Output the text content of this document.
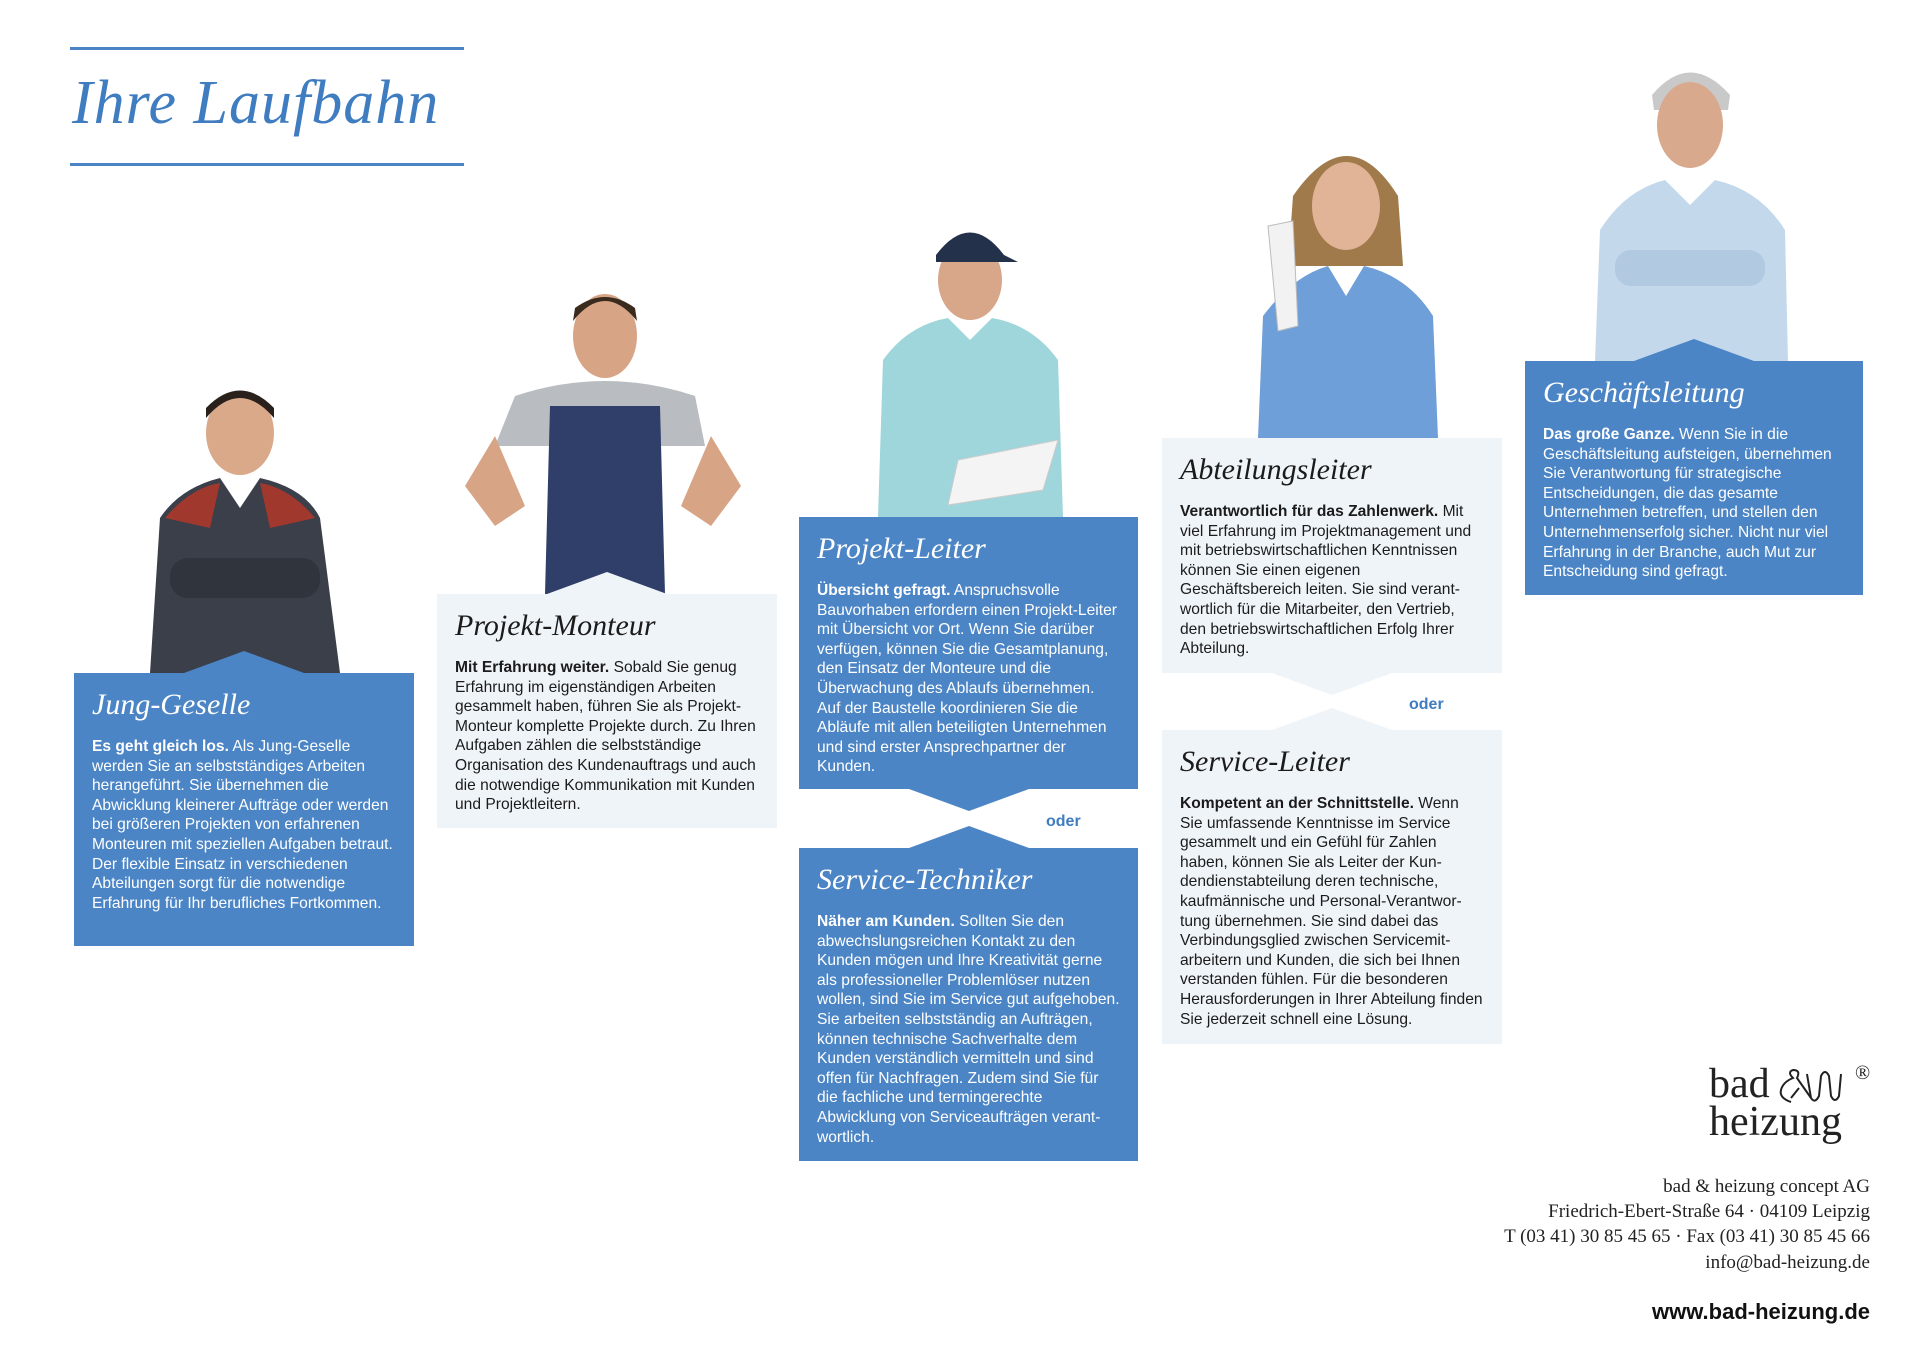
Ihre Laufbahn
Jung-Geselle

Es geht gleich los. Als Jung-Geselle werden Sie an selbstständiges Arbeiten herangeführt. Sie übernehmen die Abwicklung kleinerer Aufträge oder werden bei größeren Projekten von erfahrenen Monteuren mit speziellen Aufgaben betraut. Der flexible Einsatz in verschiedenen Abteilungen sorgt für die notwendige Erfahrung für Ihr berufliches Fortkommen.

Projekt-Monteur

Mit Erfahrung weiter. Sobald Sie genug Erfahrung im eigenständigen Arbeiten gesammelt haben, führen Sie als Projekt-Monteur komplette Projekte durch. Zu Ihren Aufgaben zählen die selbstständige Organisation des Kundenauftrags und auch die notwendige Kommunikation mit Kunden und Projektleitern.

Projekt-Leiter

Übersicht gefragt. Anspruchsvolle Bauvorhaben erfordern einen Projekt-Leiter mit Übersicht vor Ort. Wenn Sie darüber verfügen, können Sie die Gesamtplanung, den Einsatz der Monteure und die Überwachung des Ablaufs übernehmen. Auf der Baustelle koordinieren Sie die Abläufe mit allen beteiligten Unternehmen und sind erster Ansprechpartner der Kunden.

oder
Service-Techniker

Näher am Kunden. Sollten Sie den abwechslungsreichen Kontakt zu den Kunden mögen und Ihre Kreativität gerne als professioneller Problemlöser nutzen wollen, sind Sie im Service gut aufgehoben. Sie arbeiten selbstständig an Aufträgen, können technische Sachverhalte dem Kunden verständlich vermitteln und sind offen für Nachfragen. Zudem sind Sie für die fachliche und termingerechte Abwicklung von Serviceaufträgen verantwortlich.

Abteilungsleiter

Verantwortlich für das Zahlenwerk. Mit viel Erfahrung im Projektmanagement und mit betriebswirtschaftlichen Kenntnissen können Sie einen eigenen Geschäftsbereich leiten. Sie sind verantwortlich für die Mitarbeiter, den Vertrieb, den betriebswirtschaftlichen Erfolg Ihrer Abteilung.

oder
Service-Leiter

Kompetent an der Schnittstelle. Wenn Sie umfassende Kenntnisse im Service gesammelt und ein Gefühl für Zahlen haben, können Sie als Leiter der Kundendienstabteilung deren technische, kaufmännische und Personal-Verantwortung übernehmen. Sie sind dabei das Verbindungsglied zwischen Servicemitarbeitern und Kunden, die sich bei Ihnen verstanden fühlen. Für die besonderen Herausforderungen in Ihrer Abteilung finden Sie jederzeit schnell eine Lösung.

Geschäftsleitung

Das große Ganze. Wenn Sie in die Geschäftsleitung aufsteigen, übernehmen Sie Verantwortung für strategische Entscheidungen, die das gesamte Unternehmen betreffen, und stellen den Unternehmenserfolg sicher. Nicht nur viel Erfahrung in der Branche, auch Mut zur Entscheidung sind gefragt.

bad	®
heizung
bad & heizung concept AG
Friedrich-Ebert-Straße 64 · 04109 Leipzig
T (03 41) 30 85 45 65 · Fax (03 41) 30 85 45 66
info@bad-heizung.de
www.bad-heizung.de
